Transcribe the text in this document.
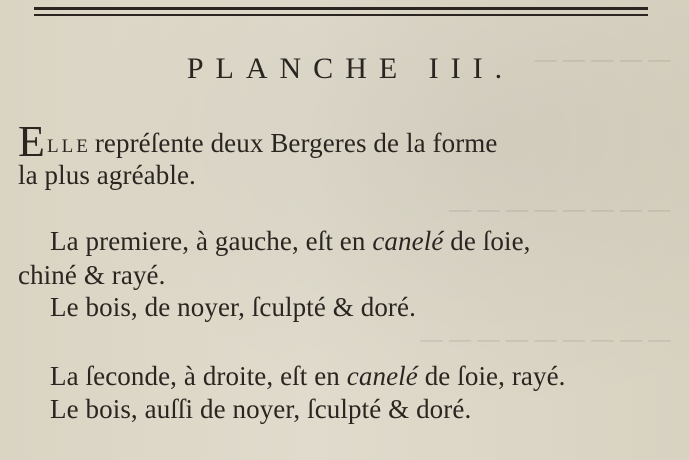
— — — — —
— — — — — — — —
— — — — — — — — —
PLANCHE III.
ELLE repréſente deux Bergeres de la forme
la plus agréable.
La premiere, à gauche, eſt en canelé de ſoie,
chiné & rayé.
Le bois, de noyer, ſculpté & doré.
La ſeconde, à droite, eſt en canelé de ſoie, rayé.
Le bois, auſſi de noyer, ſculpté & doré.
